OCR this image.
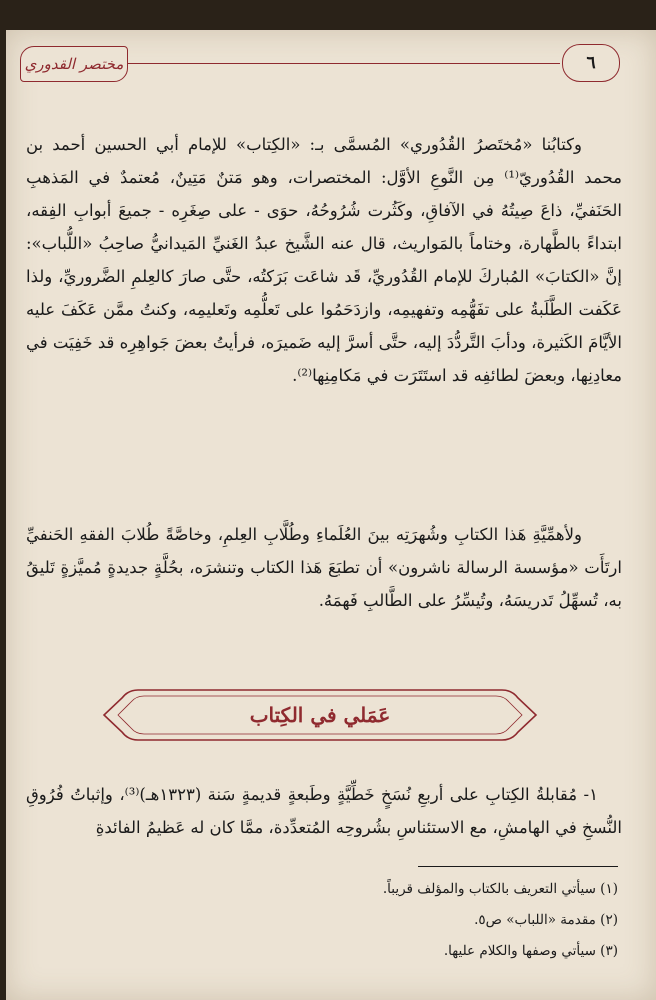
مختصر القدوري	٦
وكتابُنا «مُختَصرُ القُدُوري» المُسمَّى بـ: «الكِتاب» للإمام أبي الحسين أحمد بن محمد القُدُوريّ⁽¹⁾ مِن النَّوعِ الأوَّل: المختصرات، وهو مَتنٌ مَتِينٌ، مُعتمدٌ في المَذهبِ الحَنَفيِّ، ذاعَ صِيتُهُ في الآفاقِ، وكَثُرت شُرُوحُهُ، حوَى - على صِغَرِه - جميعَ أبوابِ الفِقه، ابتداءً بالطَّهارة، وختاماً بالمَواريث، قال عنه الشَّيخ عبدُ الغَنيِّ المَيدانيُّ صاحِبُ «اللُّباب»: إنَّ «الكتابَ» المُباركَ للإمام القُدُوريِّ، قَد شاعَت بَرَكتُه، حتَّى صارَ كالعِلمِ الضَّروريِّ، ولذا عَكَفت الطَّلَبةُ على تفَهُّمِه وتفهيمِه، وازدَحَمُوا على تَعلُّمِه وتَعليمِه، وكنتُ ممَّن عَكَفَ عليه الأيَّامَ الكَثيرة، ودأبَ التَّردُّدَ إليه، حتَّى أسرَّ إليه ضَميرَه، فرأيتُ بعضَ جَواهِرِه قد خَفِيَت في معادِنِها، وبعضَ لطائفِه قد استَتَرَت في مَكامِنِها⁽²⁾.
ولأهمِّيَّةِ هَذا الكتابِ وشُهرَتِه بينَ العُلَماءِ وطُلَّابِ العِلمِ، وخاصَّةً طُلابَ الفقهِ الحَنفيِّ ارتَأَت «مؤسسة الرسالة ناشرون» أن تطبَعَ هَذا الكتاب وتنشرَه، بحُلَّةٍ جديدةٍ مُميَّزةٍ تَليقُ به، تُسهِّلُ تَدريسَهُ، وتُيسِّرُ على الطَّالبِ فَهمَهُ.
عَمَلي في الكِتاب
١- مُقابلةُ الكِتابِ على أربعِ نُسَخٍ خَطِّيَّةٍ وطَبعةٍ قديمةٍ سَنة (١٣٢٣هـ)⁽³⁾، وإثباتُ فُرُوقِ النُّسخِ في الهامشِ، مع الاستئناسِ بشُروحِه المُتعدِّدة، ممَّا كان له عَظيمُ الفائدةِ
(١) سيأتي التعريف بالكتاب والمؤلف قريباً.
(٢) مقدمة «اللباب» ص٥.
(٣) سيأتي وصفها والكلام عليها.
